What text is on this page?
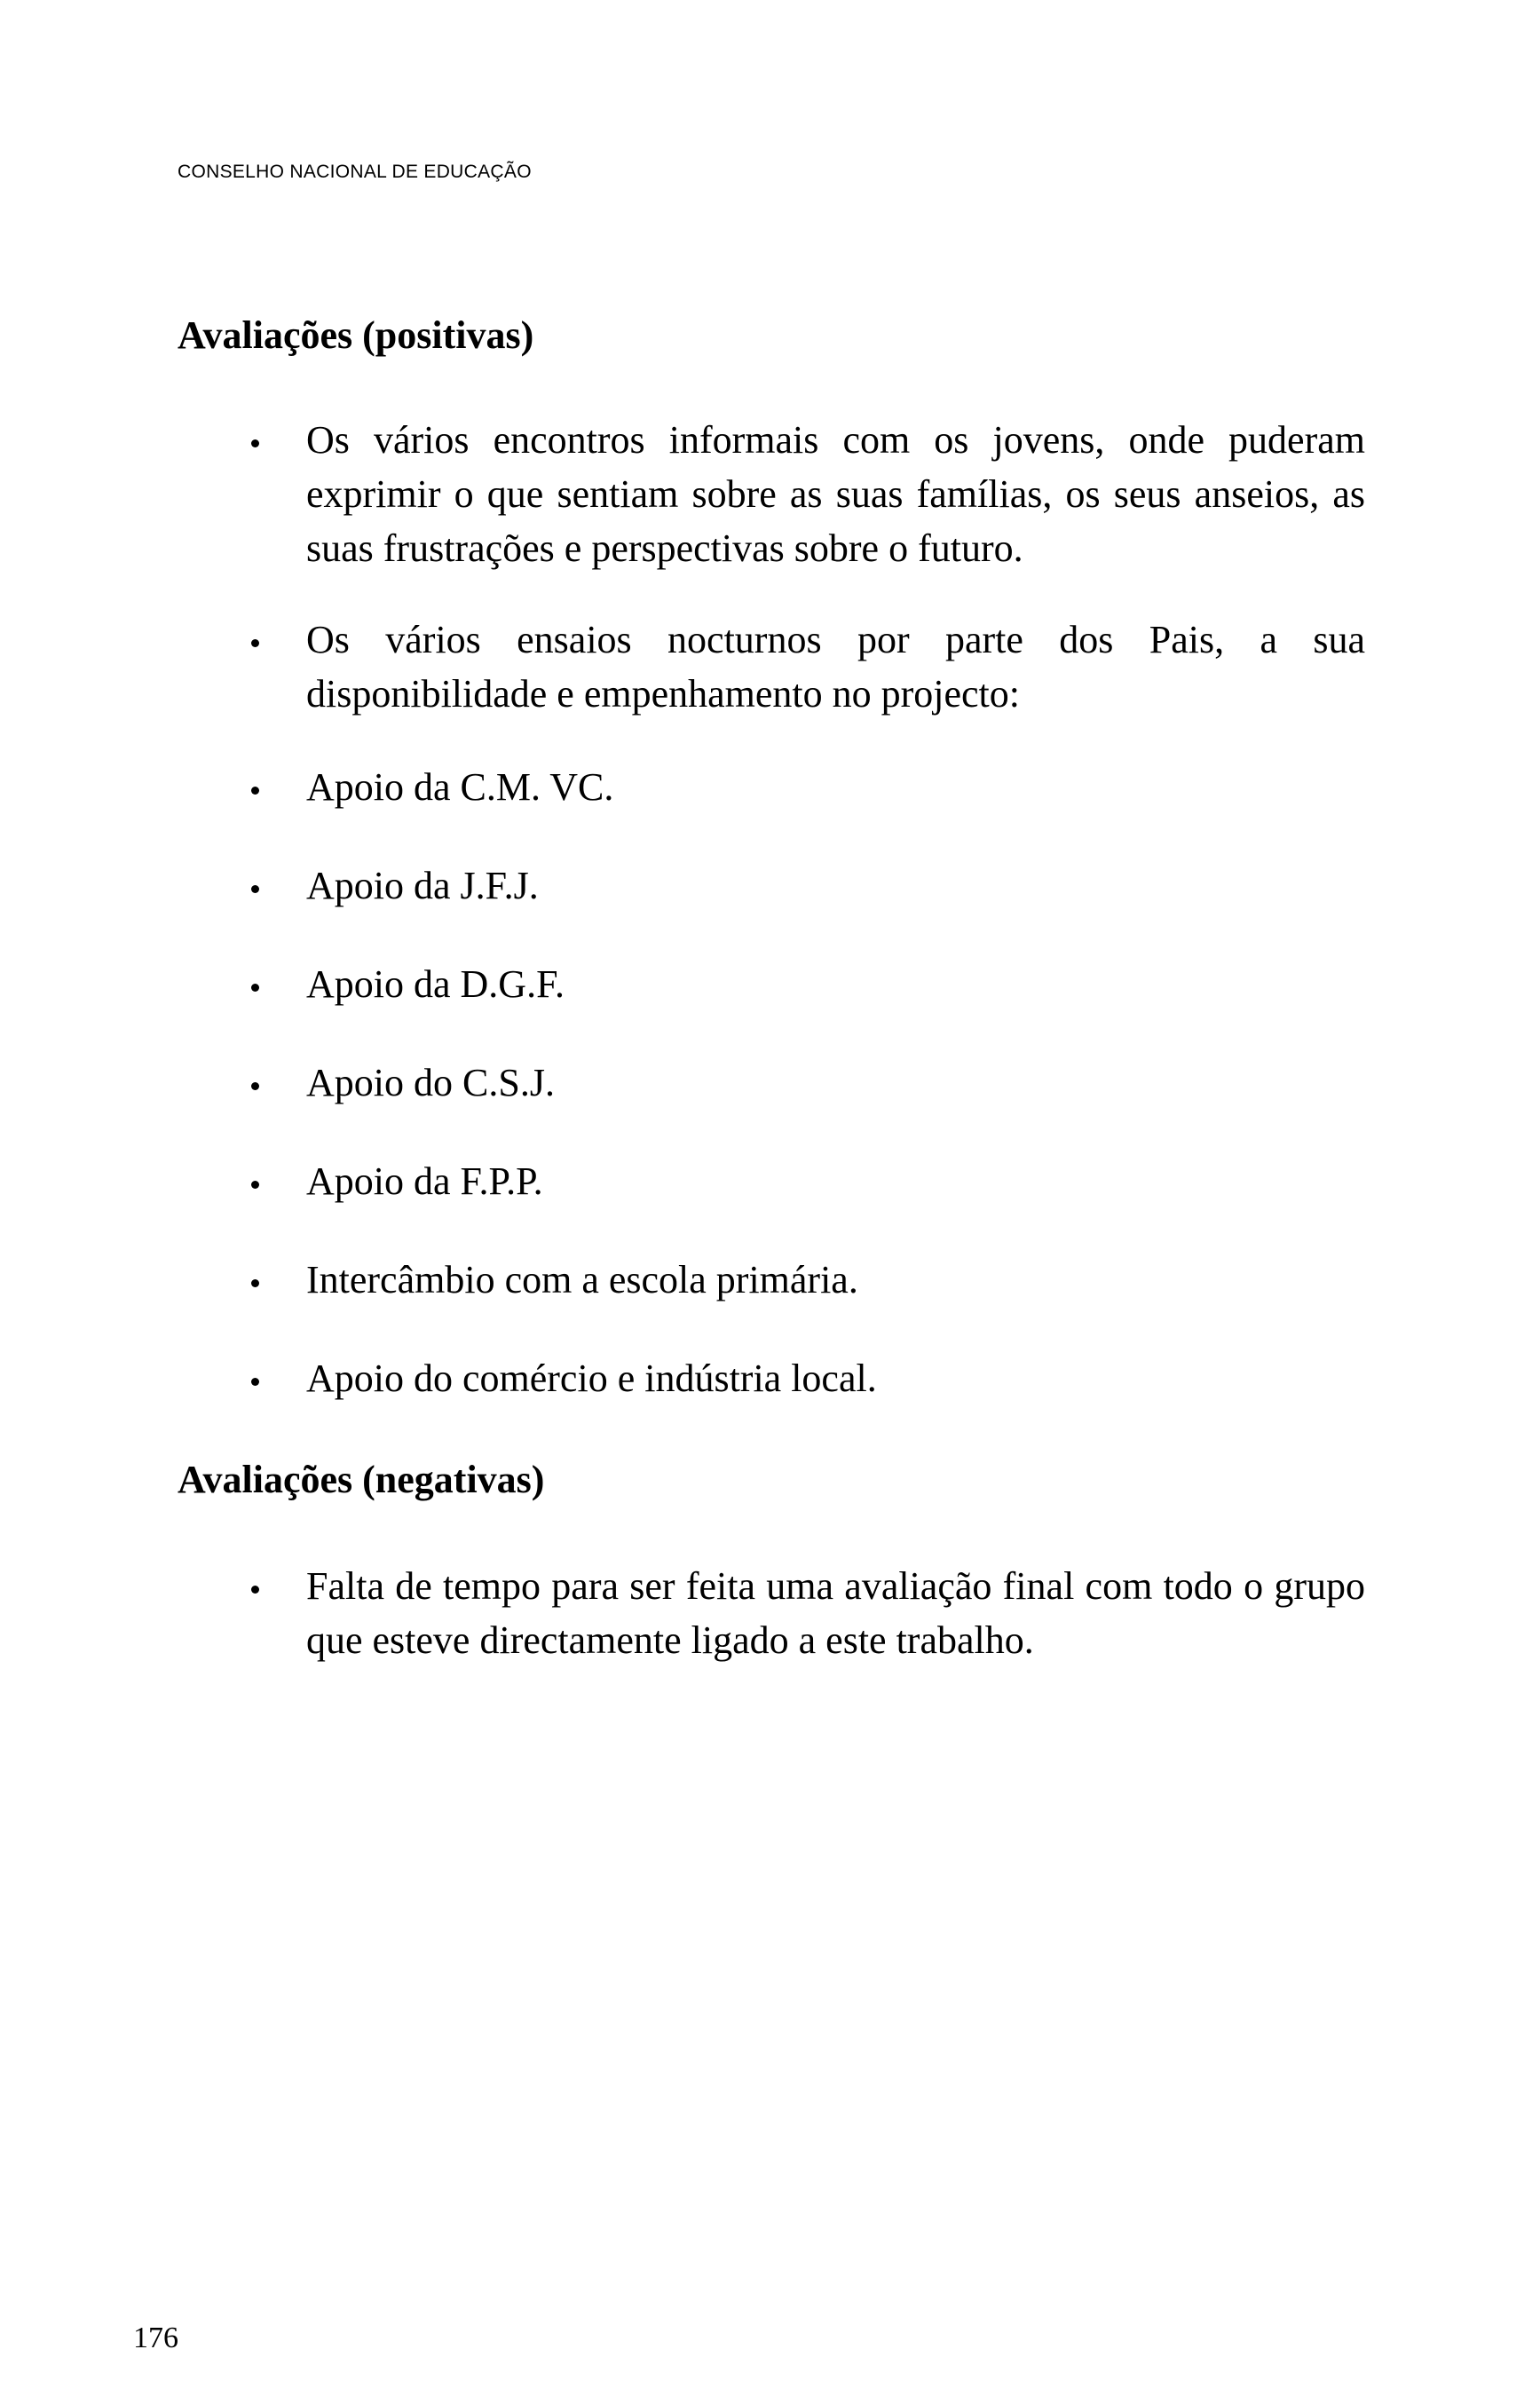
CONSELHO NACIONAL DE EDUCAÇÃO
Avaliações (positivas)
Os vários encontros informais com os jovens, onde puderam exprimir o que sentiam sobre as suas famílias, os seus anseios, as suas frustrações e perspectivas sobre o futuro.
Os vários ensaios nocturnos por parte dos Pais, a sua disponibilidade e empenhamento no projecto:
Apoio da C.M. VC.
Apoio da J.F.J.
Apoio da D.G.F.
Apoio do C.S.J.
Apoio da F.P.P.
Intercâmbio com a escola primária.
Apoio do comércio e indústria local.
Avaliações (negativas)
Falta de tempo para ser feita uma avaliação final com todo o grupo que esteve directamente ligado a este trabalho.
176
